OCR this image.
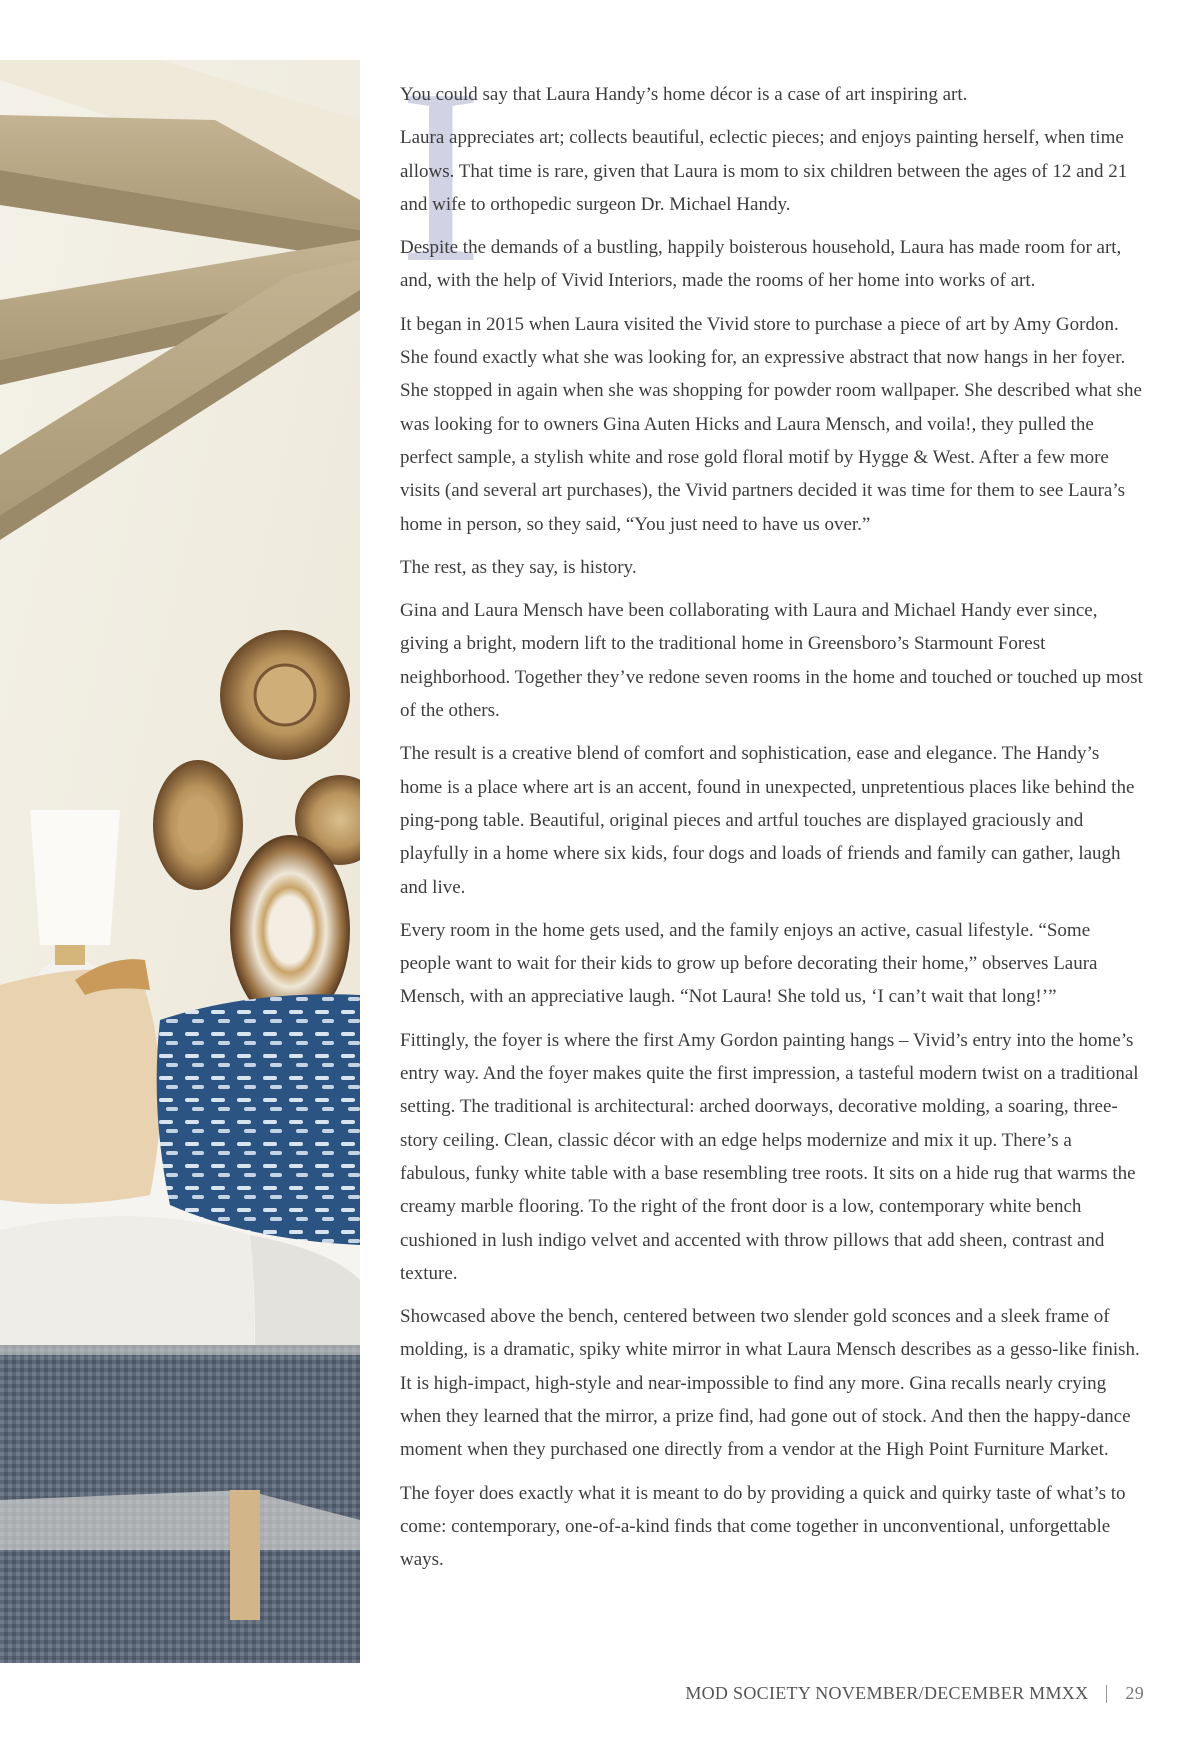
I

You could say that Laura Handy’s home décor is a case of art inspiring art.

Laura appreciates art; collects beautiful, eclectic pieces; and enjoys painting herself, when time allows. That time is rare, given that Laura is mom to six children between the ages of 12 and 21 and wife to orthopedic surgeon Dr. Michael Handy.

Despite the demands of a bustling, happily boisterous household, Laura has made room for art, and, with the help of Vivid Interiors, made the rooms of her home into works of art.

It began in 2015 when Laura visited the Vivid store to purchase a piece of art by Amy Gordon. She found exactly what she was looking for, an expressive abstract that now hangs in her foyer. She stopped in again when she was shopping for powder room wallpaper. She described what she was looking for to owners Gina Auten Hicks and Laura Mensch, and voila!, they pulled the perfect sample, a stylish white and rose gold floral motif by Hygge & West. After a few more visits (and several art purchases), the Vivid partners decided it was time for them to see Laura’s home in person, so they said, “You just need to have us over.”

The rest, as they say, is history.

Gina and Laura Mensch have been collaborating with Laura and Michael Handy ever since, giving a bright, modern lift to the traditional home in Greensboro’s Starmount Forest neighborhood. Together they’ve redone seven rooms in the home and touched or touched up most of the others.

The result is a creative blend of comfort and sophistication, ease and elegance. The Handy’s home is a place where art is an accent, found in unexpected, unpretentious places like behind the ping-pong table. Beautiful, original pieces and artful touches are displayed graciously and playfully in a home where six kids, four dogs and loads of friends and family can gather, laugh and live.

Every room in the home gets used, and the family enjoys an active, casual lifestyle. “Some people want to wait for their kids to grow up before decorating their home,” observes Laura Mensch, with an appreciative laugh. “Not Laura! She told us, ‘I can’t wait that long!’”

Fittingly, the foyer is where the first Amy Gordon painting hangs – Vivid’s entry into the home’s entry way. And the foyer makes quite the first impression, a tasteful modern twist on a traditional setting. The traditional is architectural: arched doorways, decorative molding, a soaring, three-story ceiling. Clean, classic décor with an edge helps modernize and mix it up. There’s a fabulous, funky white table with a base resembling tree roots. It sits on a hide rug that warms the creamy marble flooring. To the right of the front door is a low, contemporary white bench cushioned in lush indigo velvet and accented with throw pillows that add sheen, contrast and texture.

Showcased above the bench, centered between two slender gold sconces and a sleek frame of molding, is a dramatic, spiky white mirror in what Laura Mensch describes as a gesso-like finish. It is high-impact, high-style and near-impossible to find any more. Gina recalls nearly crying when they learned that the mirror, a prize find, had gone out of stock. And then the happy-dance moment when they purchased one directly from a vendor at the High Point Furniture Market.

The foyer does exactly what it is meant to do by providing a quick and quirky taste of what’s to come: contemporary, one-of-a-kind finds that come together in unconventional, unforgettable ways.

MOD SOCIETY NOVEMBER/DECEMBER MMXX 29
